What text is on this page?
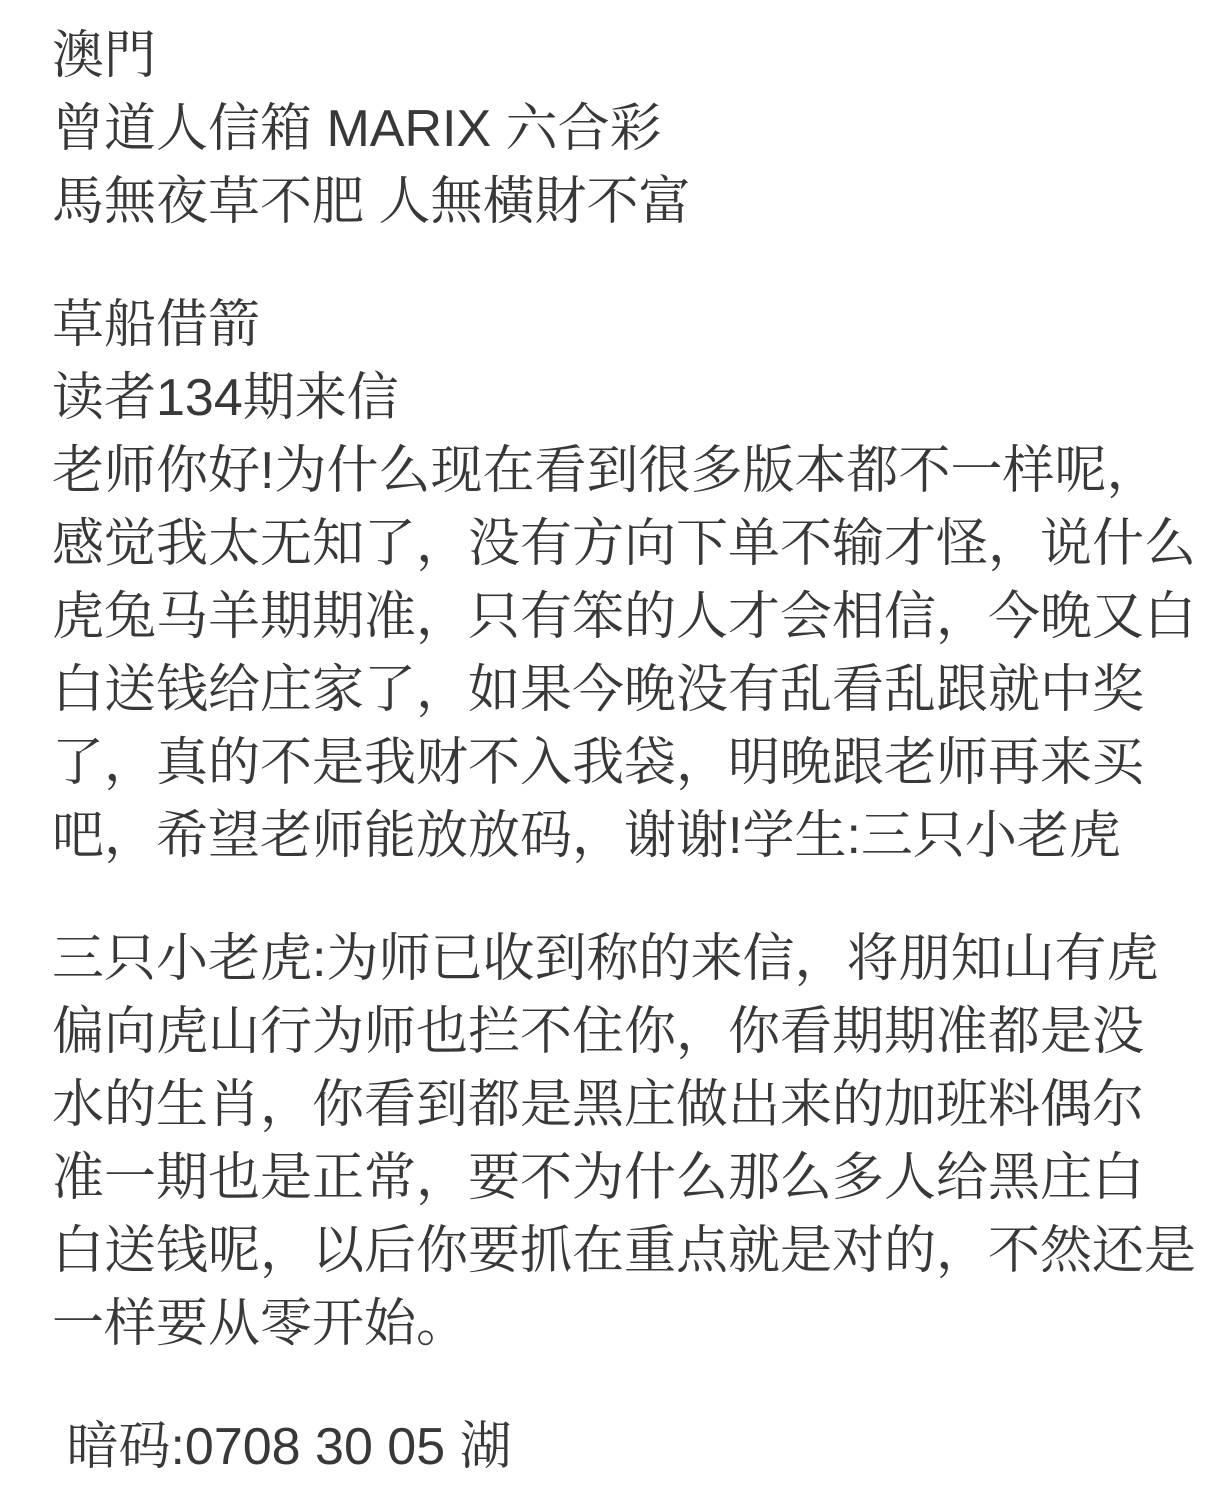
澳門
曾道人信箱 MARIX 六合彩
馬無夜草不肥 人無橫財不富
草船借箭
读者134期来信
老师你好!为什么现在看到很多版本都不一样呢，
感觉我太无知了，没有方向下单不输才怪，说什么
虎兔马羊期期准，只有笨的人才会相信，今晚又白
白送钱给庄家了，如果今晚没有乱看乱跟就中奖
了，真的不是我财不入我袋，明晚跟老师再来买
吧，希望老师能放放码，谢谢!学生:三只小老虎
三只小老虎:为师已收到称的来信，将朋知山有虎
偏向虎山行为师也拦不住你，你看期期准都是没
水的生肖，你看到都是黑庄做出来的加班料偶尔
准一期也是正常，要不为什么那么多人给黑庄白
白送钱呢，以后你要抓在重点就是对的，不然还是
一样要从零开始。
暗码:0708 30 05 湖
